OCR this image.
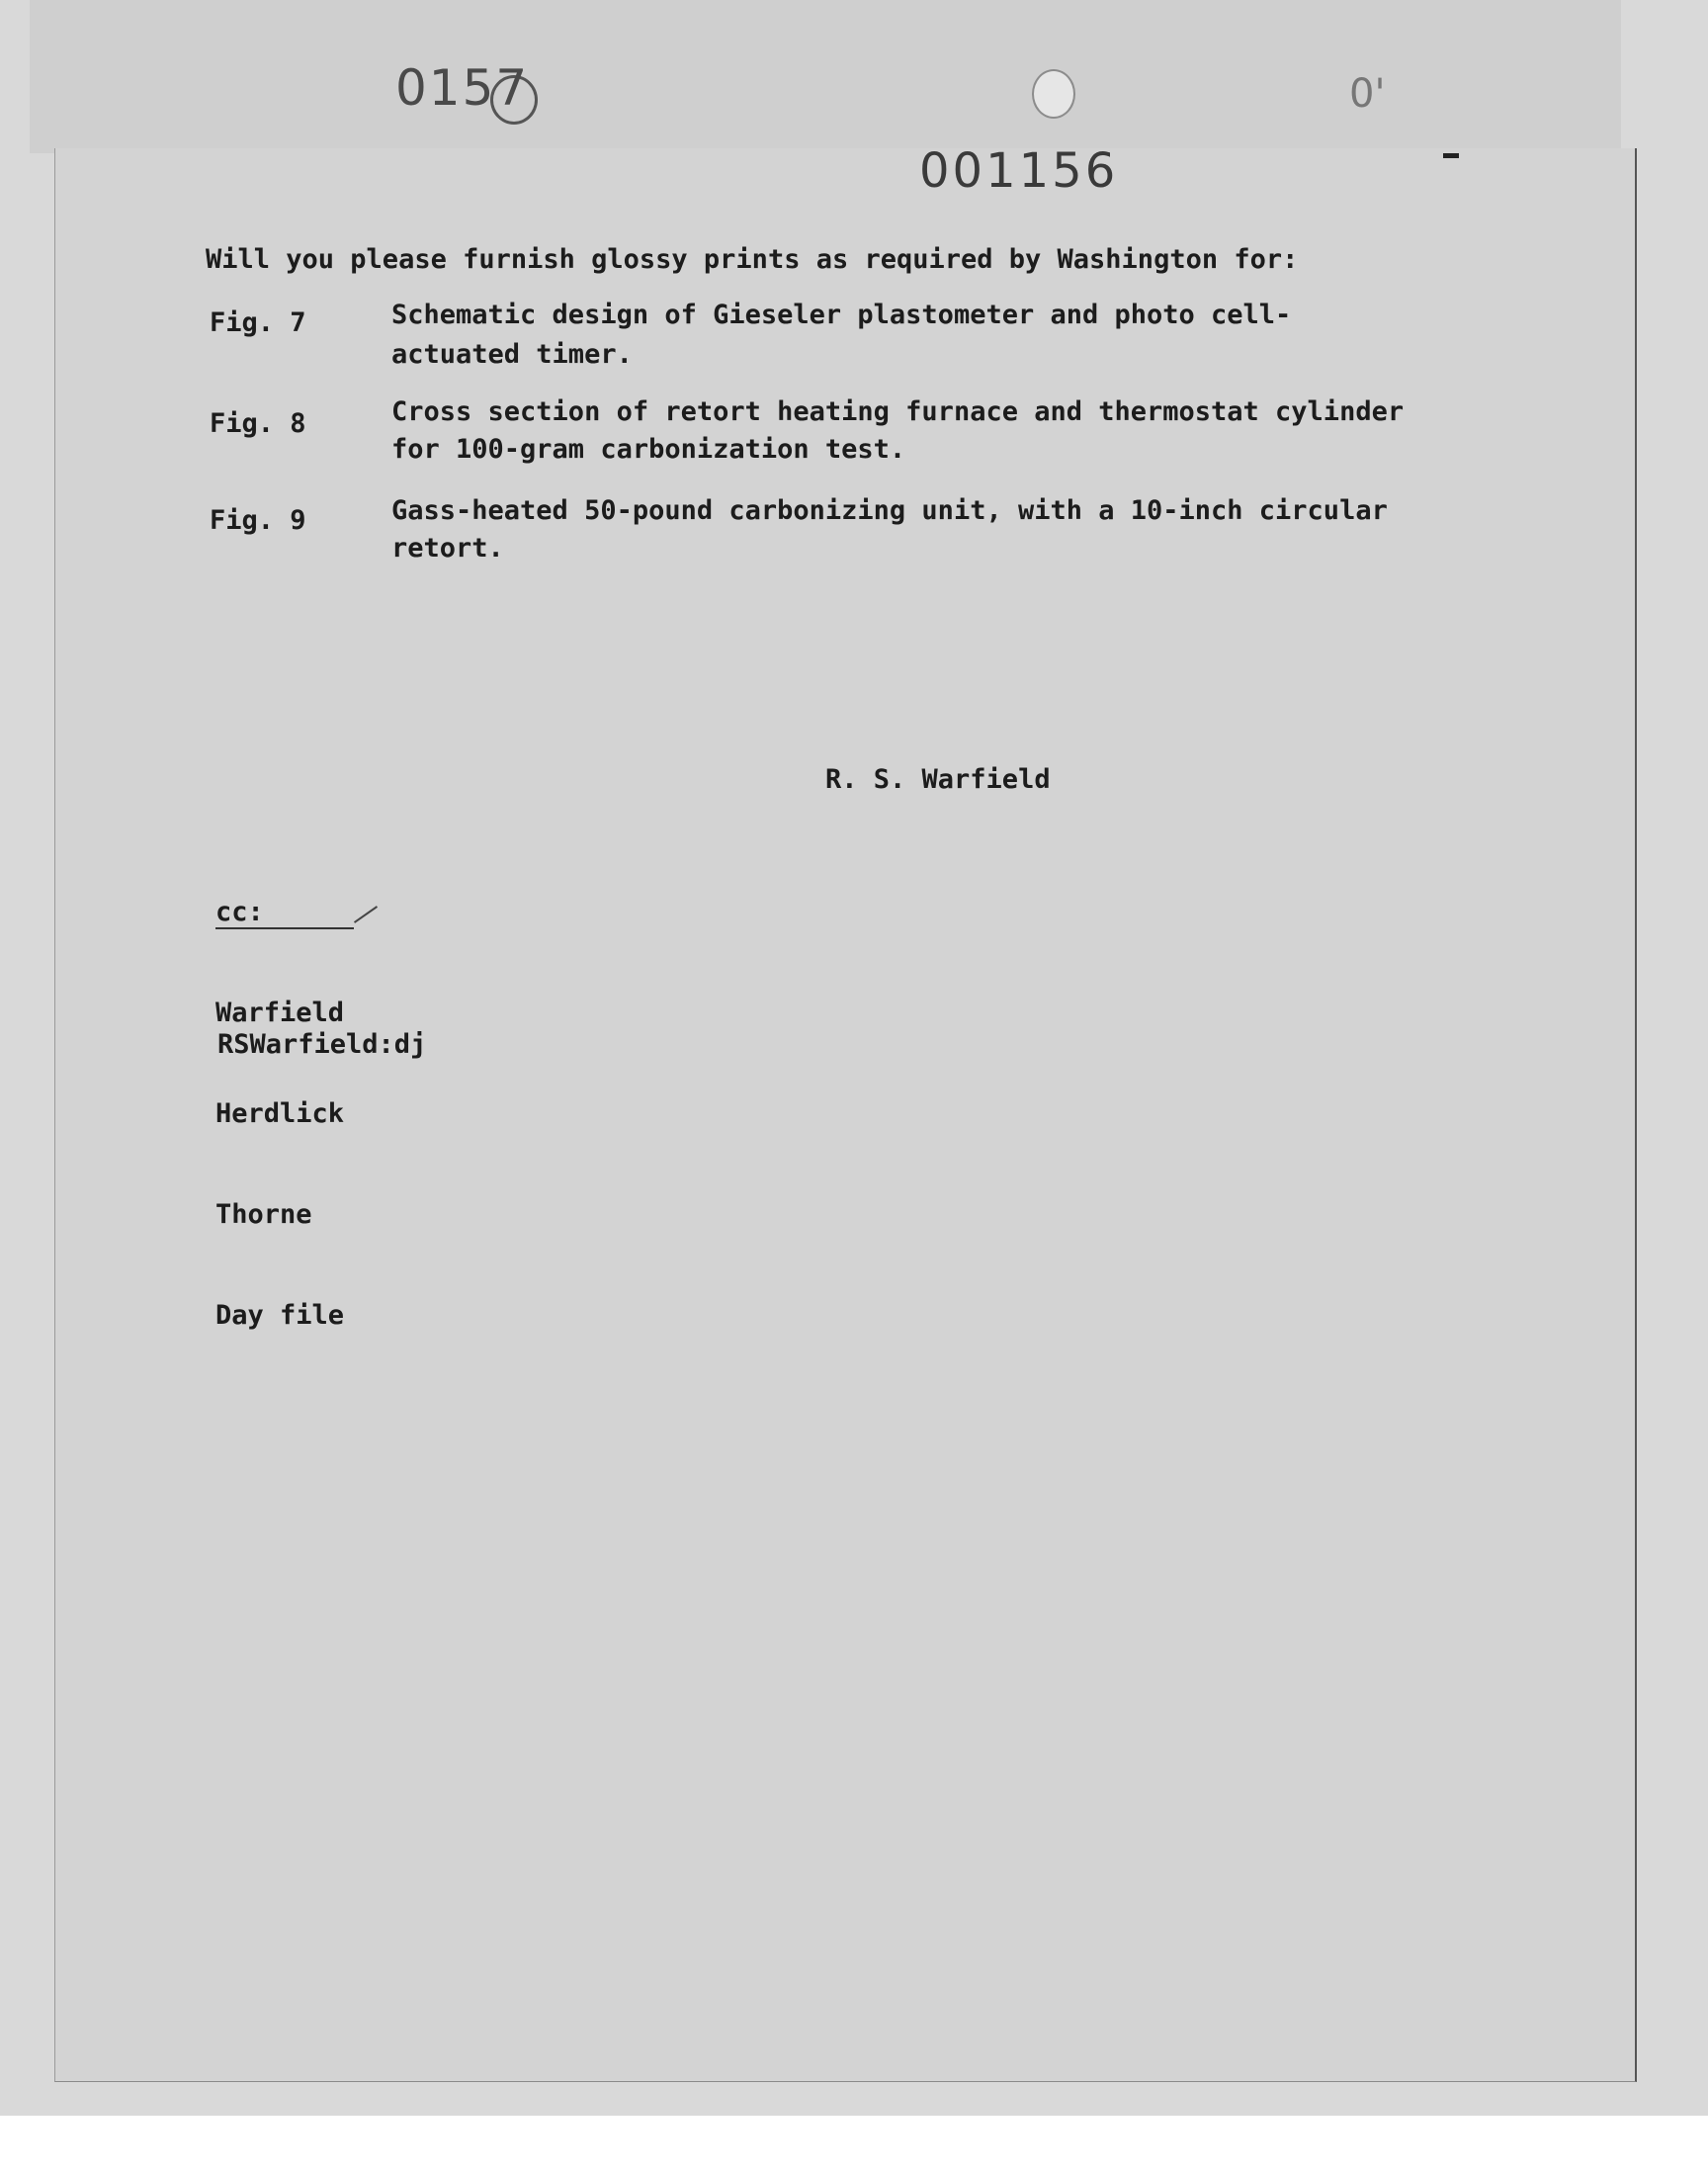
0157
001156
0'
Will you please furnish glossy prints as required by Washington for:
Fig. 7	Schematic design of Gieseler plastometer and photo cell-
actuated timer.
Fig. 8	Cross section of retort heating furnace and thermostat cylinder
for 100-gram carbonization test.
Fig. 9	Gass-heated 50-pound carbonizing unit, with a 10-inch circular
retort.
R. S. Warfield

cc:

Warfield

Herdlick

Thorne

Day file

RSWarfield:dj
